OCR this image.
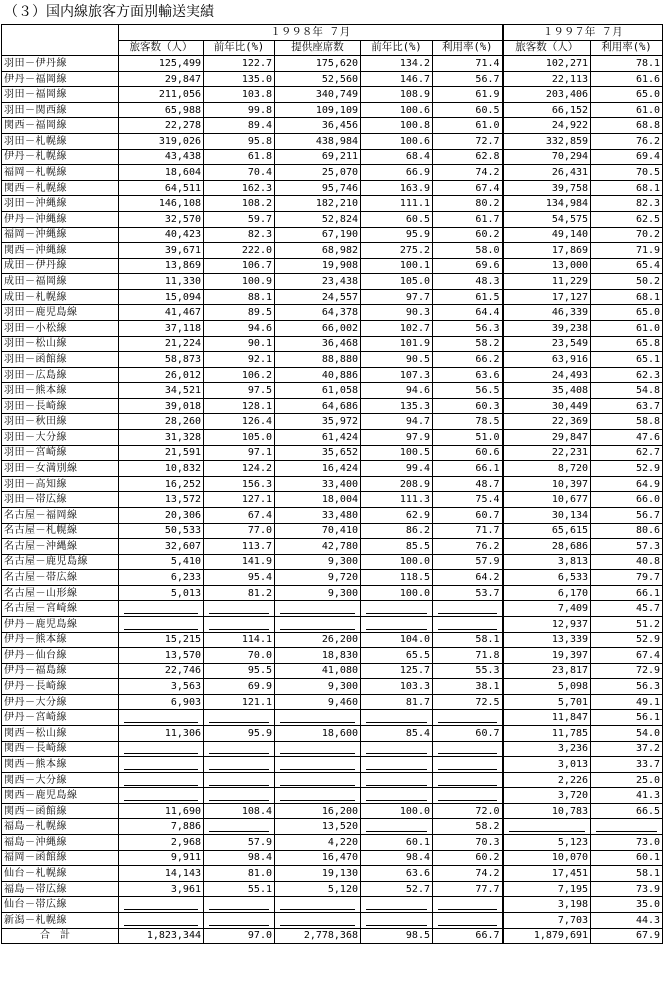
（３）国内線旅客方面別輸送実績
	１９９８年 ７月					１９９７年 ７月	
	旅客数（人）	前年比(%)	提供座席数	前年比(%)	利用率(%)	旅客数（人）	利用率(%)
羽田－伊丹線	125,499	122.7	175,620	134.2	71.4	102,271	78.1
伊丹－福岡線	29,847	135.0	52,560	146.7	56.7	22,113	61.6
羽田－福岡線	211,056	103.8	340,749	108.9	61.9	203,406	65.0
羽田－関西線	65,988	99.8	109,109	100.6	60.5	66,152	61.0
関西－福岡線	22,278	89.4	36,456	100.8	61.0	24,922	68.8
羽田－札幌線	319,026	95.8	438,984	100.6	72.7	332,859	76.2
伊丹－札幌線	43,438	61.8	69,211	68.4	62.8	70,294	69.4
福岡－札幌線	18,604	70.4	25,070	66.9	74.2	26,431	70.5
関西－札幌線	64,511	162.3	95,746	163.9	67.4	39,758	68.1
羽田－沖縄線	146,108	108.2	182,210	111.1	80.2	134,984	82.3
伊丹－沖縄線	32,570	59.7	52,824	60.5	61.7	54,575	62.5
福岡－沖縄線	40,423	82.3	67,190	95.9	60.2	49,140	70.2
関西－沖縄線	39,671	222.0	68,982	275.2	58.0	17,869	71.9
成田－伊丹線	13,869	106.7	19,908	100.1	69.6	13,000	65.4
成田－福岡線	11,330	100.9	23,438	105.0	48.3	11,229	50.2
成田－札幌線	15,094	88.1	24,557	97.7	61.5	17,127	68.1
羽田－鹿児島線	41,467	89.5	64,378	90.3	64.4	46,339	65.0
羽田－小松線	37,118	94.6	66,002	102.7	56.3	39,238	61.0
羽田－松山線	21,224	90.1	36,468	101.9	58.2	23,549	65.8
羽田－函館線	58,873	92.1	88,880	90.5	66.2	63,916	65.1
羽田－広島線	26,012	106.2	40,886	107.3	63.6	24,493	62.3
羽田－熊本線	34,521	97.5	61,058	94.6	56.5	35,408	54.8
羽田－長崎線	39,018	128.1	64,686	135.3	60.3	30,449	63.7
羽田－秋田線	28,260	126.4	35,972	94.7	78.5	22,369	58.8
羽田－大分線	31,328	105.0	61,424	97.9	51.0	29,847	47.6
羽田－宮崎線	21,591	97.1	35,652	100.5	60.6	22,231	62.7
羽田－女満別線	10,832	124.2	16,424	99.4	66.1	8,720	52.9
羽田－高知線	16,252	156.3	33,400	208.9	48.7	10,397	64.9
羽田－帯広線	13,572	127.1	18,004	111.3	75.4	10,677	66.0
名古屋－福岡線	20,306	67.4	33,480	62.9	60.7	30,134	56.7
名古屋－札幌線	50,533	77.0	70,410	86.2	71.7	65,615	80.6
名古屋－沖縄線	32,607	113.7	42,780	85.5	76.2	28,686	57.3
名古屋－鹿児島線	5,410	141.9	9,300	100.0	57.9	3,813	40.8
名古屋－帯広線	6,233	95.4	9,720	118.5	64.2	6,533	79.7
名古屋－山形線	5,013	81.2	9,300	100.0	53.7	6,170	66.1
名古屋－宮崎線						7,409	45.7
伊丹－鹿児島線						12,937	51.2
伊丹－熊本線	15,215	114.1	26,200	104.0	58.1	13,339	52.9
伊丹－仙台線	13,570	70.0	18,830	65.5	71.8	19,397	67.4
伊丹－福島線	22,746	95.5	41,080	125.7	55.3	23,817	72.9
伊丹－長崎線	3,563	69.9	9,300	103.3	38.1	5,098	56.3
伊丹－大分線	6,903	121.1	9,460	81.7	72.5	5,701	49.1
伊丹－宮崎線						11,847	56.1
関西－松山線	11,306	95.9	18,600	85.4	60.7	11,785	54.0
関西－長崎線						3,236	37.2
関西－熊本線						3,013	33.7
関西－大分線						2,226	25.0
関西－鹿児島線						3,720	41.3
関西－函館線	11,690	108.4	16,200	100.0	72.0	10,783	66.5
福島－札幌線	7,886		13,520		58.2	

福島－沖縄線	2,968	57.9	4,220	60.1	70.3	5,123	73.0
福岡－函館線	9,911	98.4	16,470	98.4	60.2	10,070	60.1
仙台－札幌線	14,143	81.0	19,130	63.6	74.2	17,451	58.1
福島－帯広線	3,961	55.1	5,120	52.7	77.7	7,195	73.9
仙台－帯広線						3,198	35.0
新潟－札幌線						7,703	44.3
合計	1,823,344	97.0	2,778,368	98.5	66.7	1,879,691	67.9
